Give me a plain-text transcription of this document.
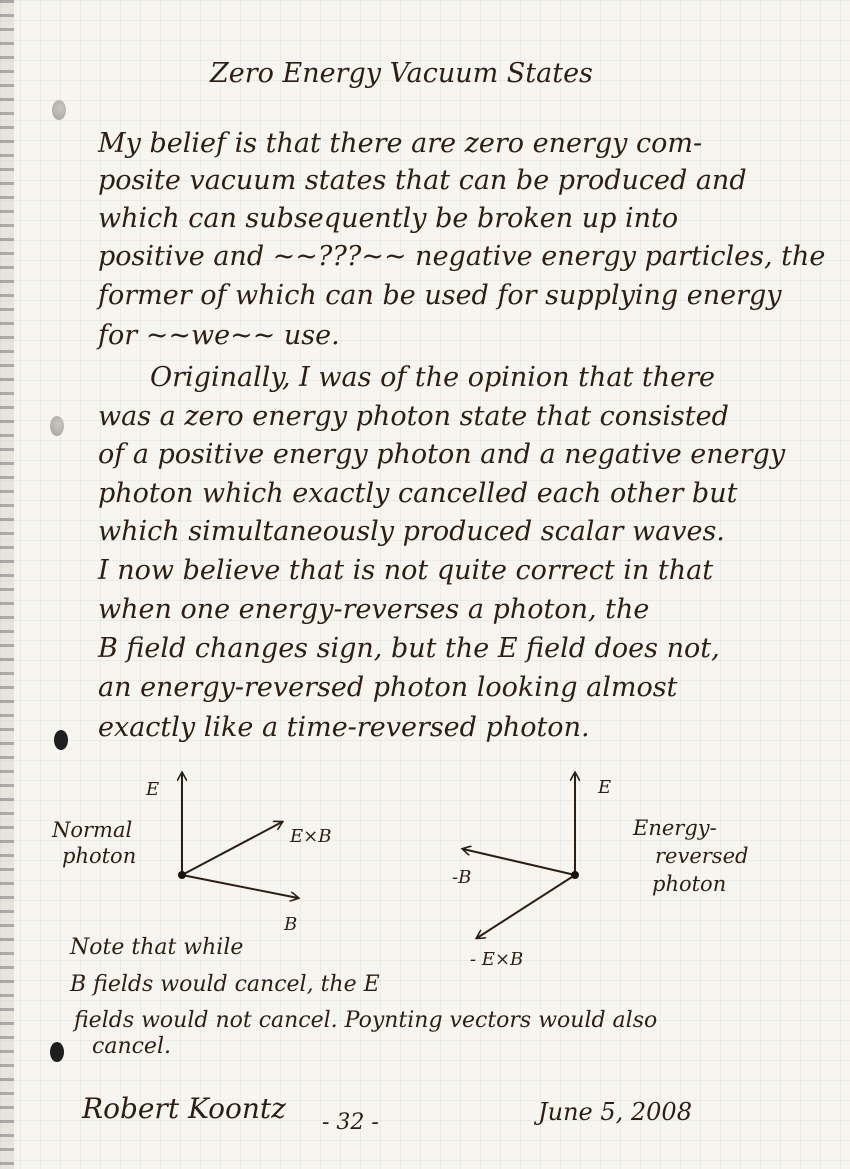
Zero Energy Vacuum States
My belief is that there are zero energy com-
posite vacuum states that can be produced and
which can subsequently be broken up into
positive and ~~???~~ negative energy particles, the
former of which can be used for supplying energy
for ~~we~~ use.
Originally, I was of the opinion that there
was a zero energy photon state that consisted
of a positive energy photon and a negative energy
photon which exactly cancelled each other but
which simultaneously produced scalar waves.
I now believe that is not quite correct in that
when one energy-reverses a photon, the
B field changes sign, but the E field does not,
an energy-reversed photon looking almost
exactly like a time-reversed photon.
Normal
photon
E
E×B
B
E
-B
- E×B
Energy-
reversed
photon
Note that while
B fields would cancel, the E
fields would not cancel. Poynting vectors would also
cancel.
Robert Koontz - 32 -	June 5, 2008
